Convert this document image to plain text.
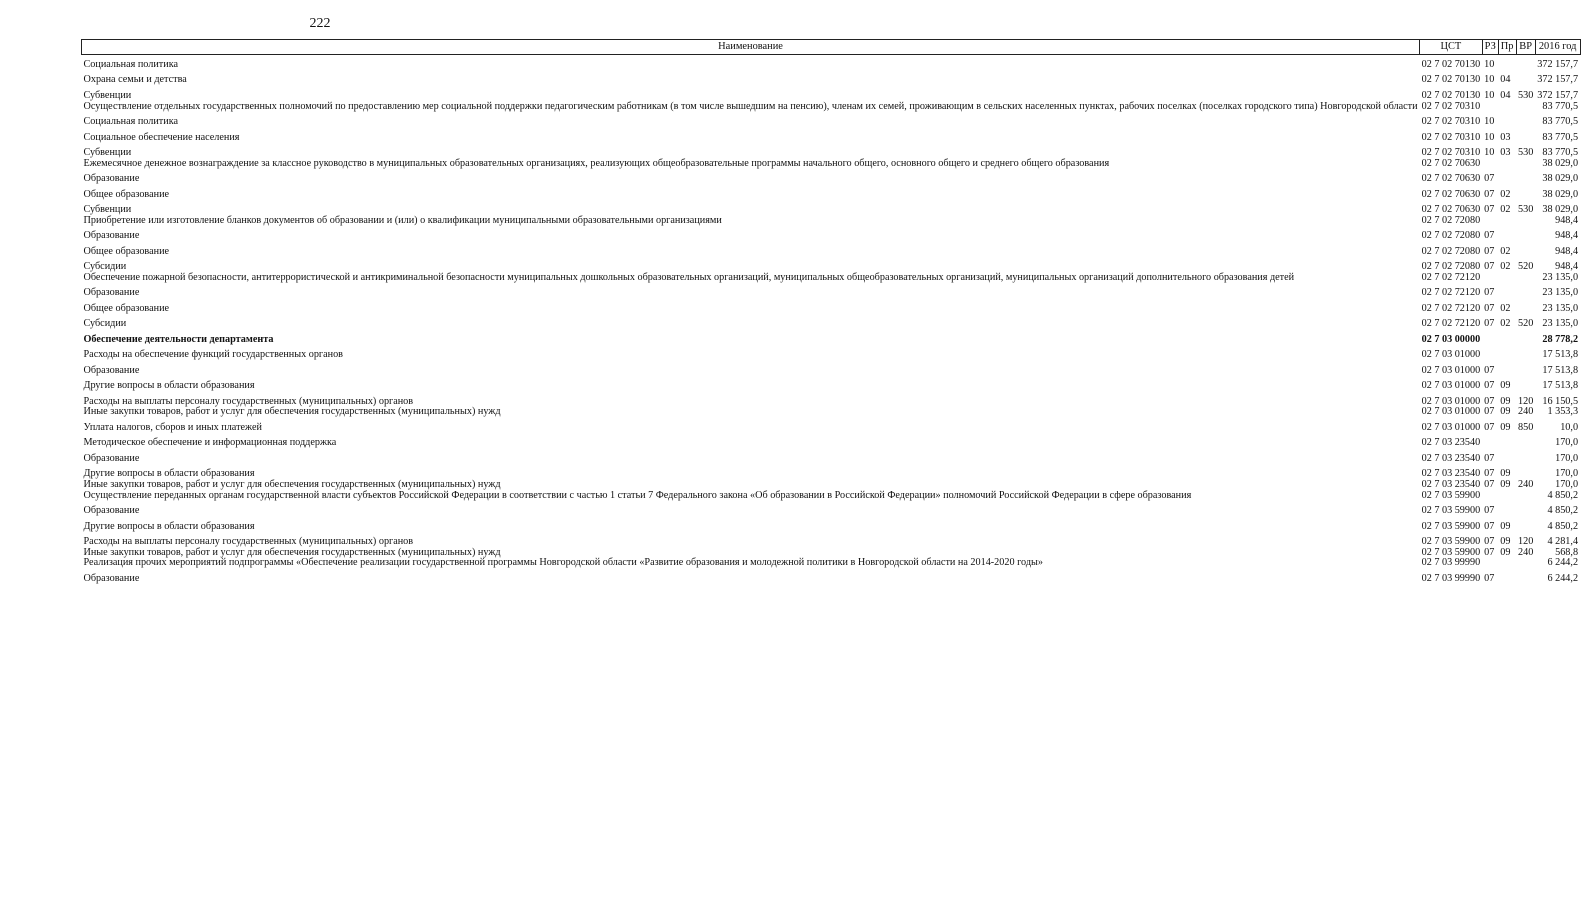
222
Наименование	ЦСТ	РЗ	Пр	ВР	2016 год
Социальная политика	02 7 02 70130	10			372 157,7
Охрана семьи и детства	02 7 02 70130	10	04		372 157,7
Субвенции	02 7 02 70130	10	04	530	372 157,7
Осуществление отдельных государственных полномочий по предоставлению мер социальной поддержки педагогическим работникам (в том числе вышедшим на пенсию), членам их семей, проживающим в сельских населенных пунктах, рабочих поселках (поселках городского типа) Новгородской области	02 7 02 70310				83 770,5
Социальная политика	02 7 02 70310	10			83 770,5
Социальное обеспечение населения	02 7 02 70310	10	03		83 770,5
Субвенции	02 7 02 70310	10	03	530	83 770,5
Ежемесячное денежное вознаграждение за классное руководство в муниципальных образовательных организациях, реализующих общеобразовательные программы начального общего, основного общего и среднего общего образования	02 7 02 70630				38 029,0
Образование	02 7 02 70630	07			38 029,0
Общее образование	02 7 02 70630	07	02		38 029,0
Субвенции	02 7 02 70630	07	02	530	38 029,0
Приобретение или изготовление бланков документов об образовании и (или) о квалификации муниципальными образовательными организациями	02 7 02 72080				948,4
Образование	02 7 02 72080	07			948,4
Общее образование	02 7 02 72080	07	02		948,4
Субсидии	02 7 02 72080	07	02	520	948,4
Обеспечение пожарной безопасности, антитеррористической и антикриминальной безопасности муниципальных дошкольных образовательных организаций, муниципальных общеобразовательных организаций, муниципальных организаций дополнительного образования детей	02 7 02 72120				23 135,0
Образование	02 7 02 72120	07			23 135,0
Общее образование	02 7 02 72120	07	02		23 135,0
Субсидии	02 7 02 72120	07	02	520	23 135,0
Обеспечение деятельности департамента	02 7 03 00000				28 778,2
Расходы на обеспечение функций государственных органов	02 7 03 01000				17 513,8
Образование	02 7 03 01000	07			17 513,8
Другие вопросы в области образования	02 7 03 01000	07	09		17 513,8
Расходы на выплаты персоналу государственных (муниципальных) органов	02 7 03 01000	07	09	120	16 150,5
Иные закупки товаров, работ и услуг для обеспечения государственных (муниципальных) нужд	02 7 03 01000	07	09	240	1 353,3
Уплата налогов, сборов и иных платежей	02 7 03 01000	07	09	850	10,0
Методическое обеспечение и информационная поддержка	02 7 03 23540				170,0
Образование	02 7 03 23540	07			170,0
Другие вопросы в области образования	02 7 03 23540	07	09		170,0
Иные закупки товаров, работ и услуг для обеспечения государственных (муниципальных) нужд	02 7 03 23540	07	09	240	170,0
Осуществление переданных органам государственной власти субъектов Российской Федерации в соответствии с частью 1 статьи 7 Федерального закона «Об образовании в Российской Федерации» полномочий Российской Федерации в сфере образования	02 7 03 59900				4 850,2
Образование	02 7 03 59900	07			4 850,2
Другие вопросы в области образования	02 7 03 59900	07	09		4 850,2
Расходы на выплаты персоналу государственных (муниципальных) органов	02 7 03 59900	07	09	120	4 281,4
Иные закупки товаров, работ и услуг для обеспечения государственных (муниципальных) нужд	02 7 03 59900	07	09	240	568,8
Реализация прочих мероприятий подпрограммы «Обеспечение реализации государственной программы Новгородской области «Развитие образования и молодежной политики в Новгородской области на 2014-2020 годы»	02 7 03 99990				6 244,2
Образование	02 7 03 99990	07			6 244,2
